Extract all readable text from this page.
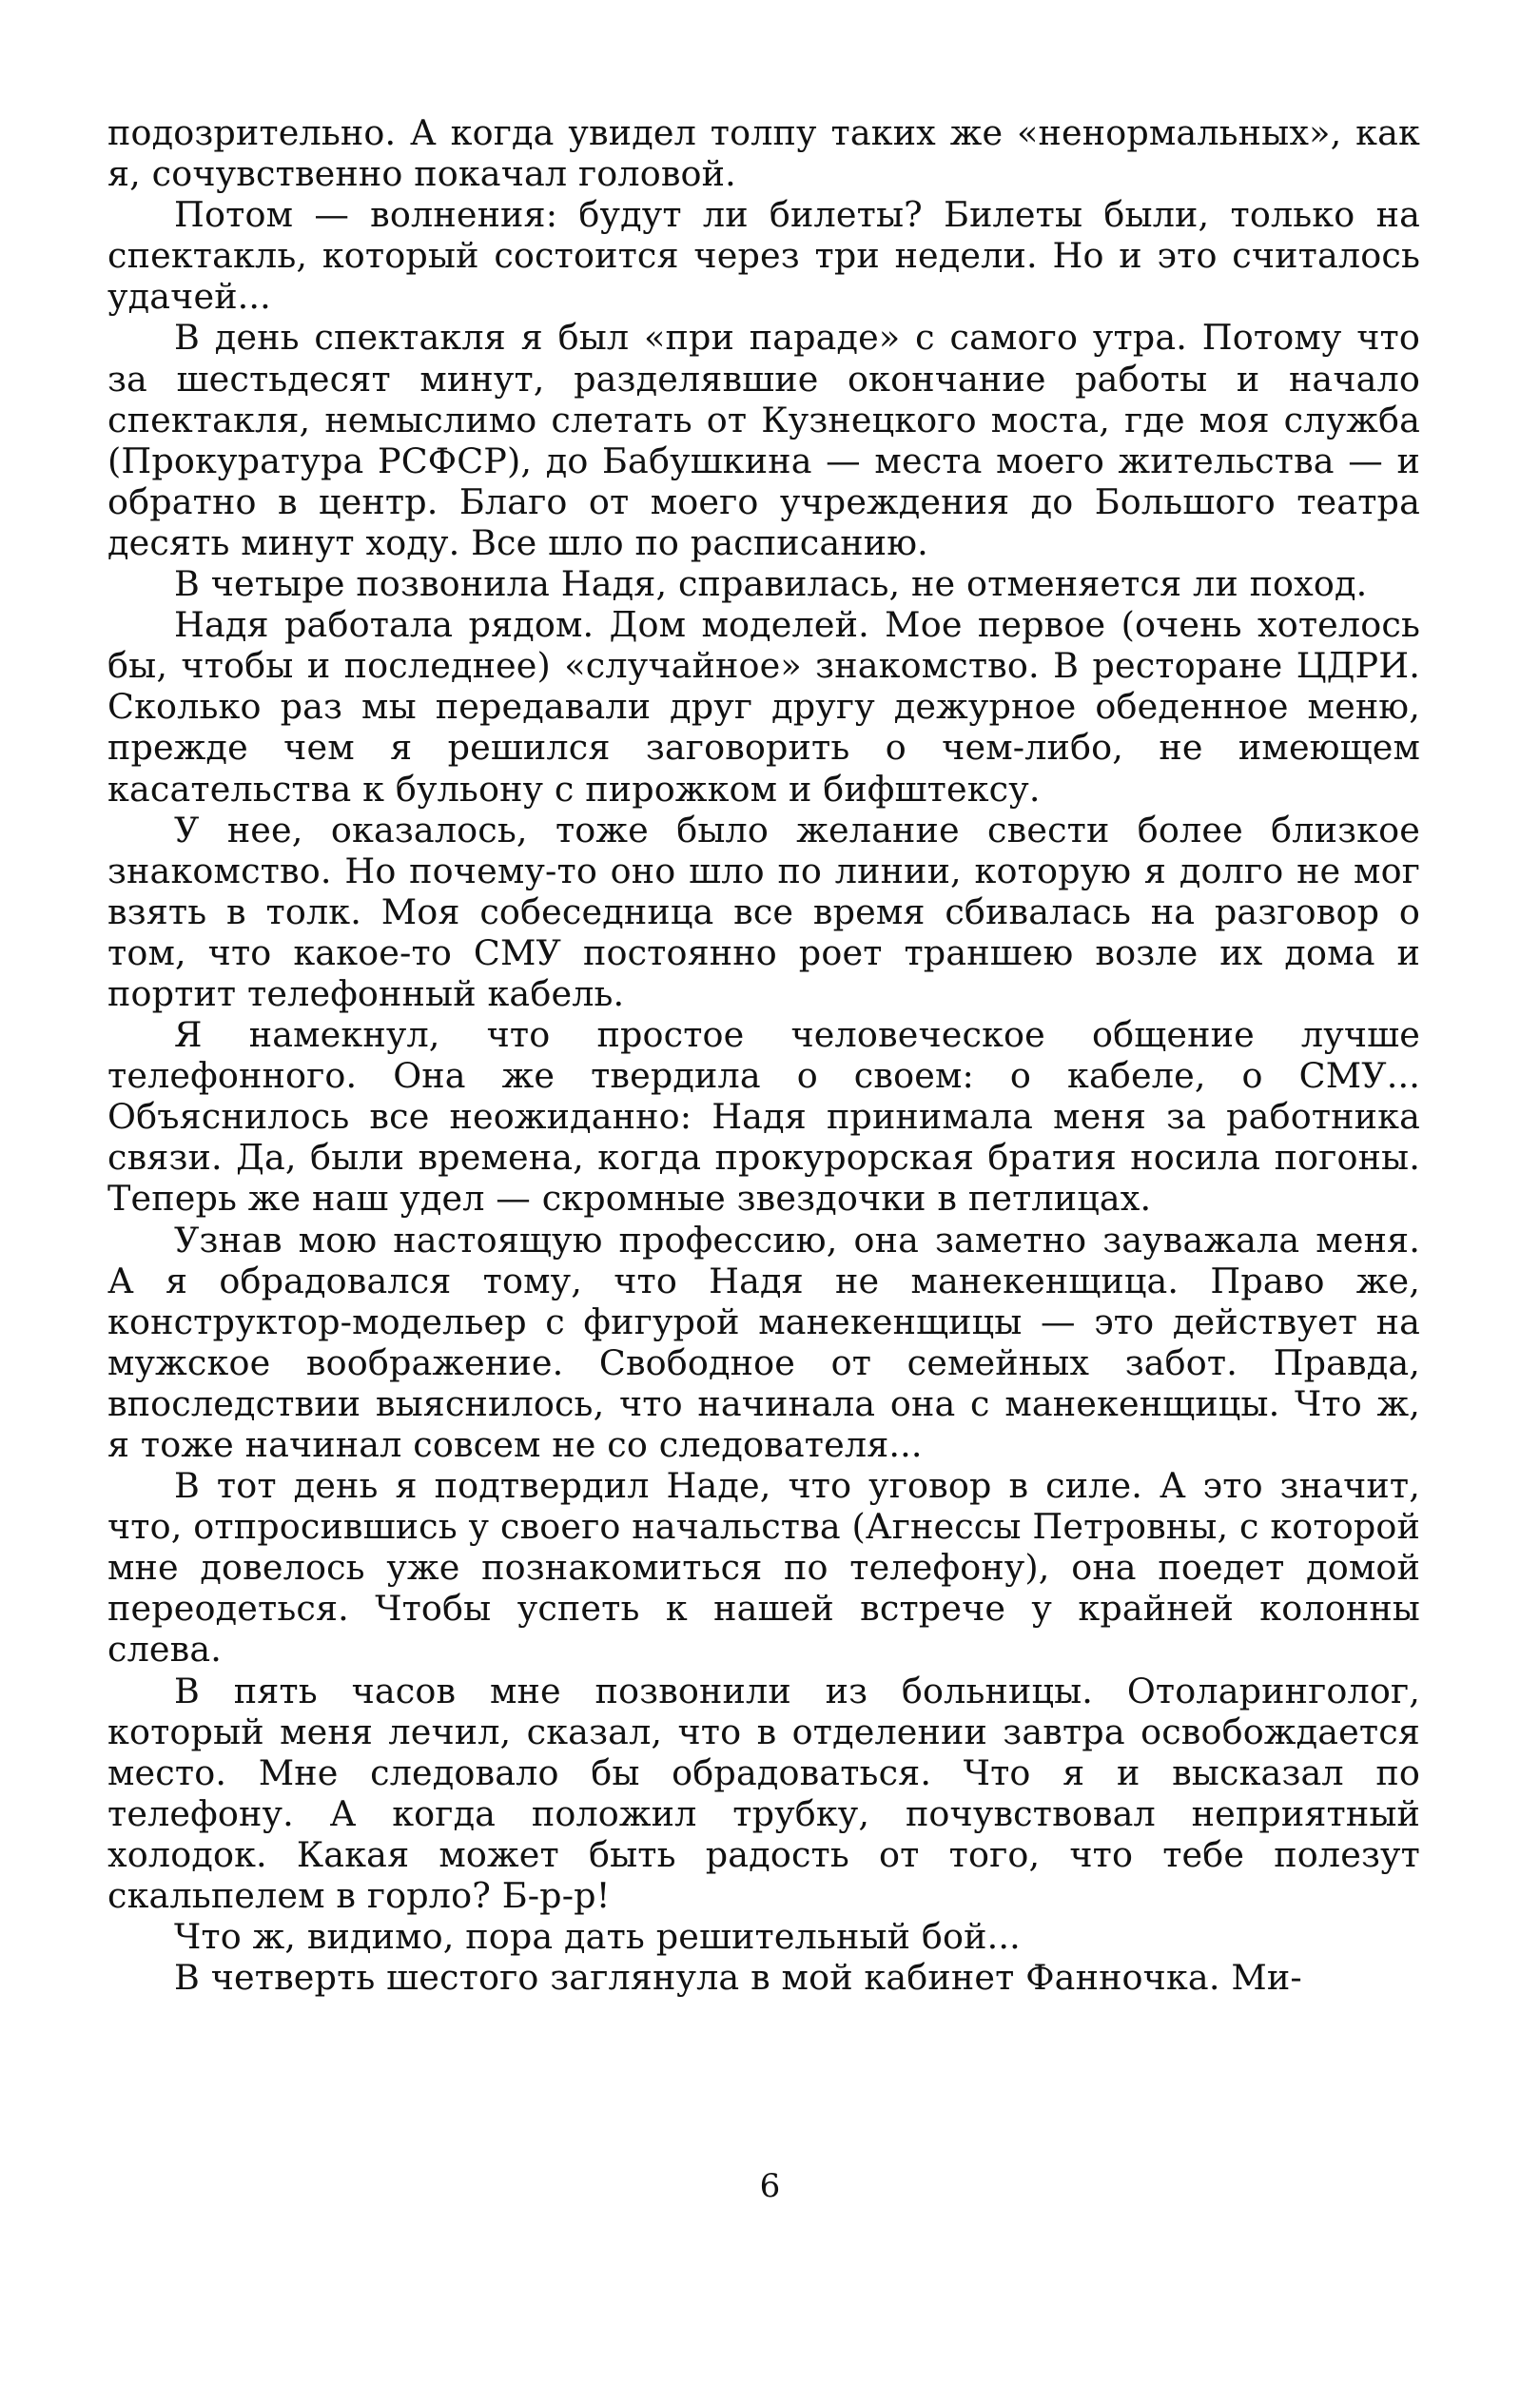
подозрительно. А когда увидел толпу таких же «ненормальных», как я, сочувственно покачал головой.

Потом — волнения: будут ли билеты? Билеты были, только на спектакль, который состоится через три недели. Но и это считалось удачей...

В день спектакля я был «при параде» с самого утра. Потому что за шестьдесят минут, разделявшие окончание работы и начало спектакля, немыслимо слетать от Кузнецкого моста, где моя служба (Прокуратура РСФСР), до Бабушкина — места моего жительства — и обратно в центр. Благо от моего учреждения до Большого театра десять минут ходу. Все шло по расписанию.

В четыре позвонила Надя, справилась, не отменяется ли поход.

Надя работала рядом. Дом моделей. Мое первое (очень хотелось бы, чтобы и последнее) «случайное» знакомство. В ресторане ЦДРИ. Сколько раз мы передавали друг другу дежурное обеденное меню, прежде чем я решился заговорить о чем-либо, не имеющем касательства к бульону с пирожком и бифштексу.

У нее, оказалось, тоже было желание свести более близкое знакомство. Но почему-то оно шло по линии, которую я долго не мог взять в толк. Моя собеседница все время сбивалась на разговор о том, что какое-то СМУ постоянно роет траншею возле их дома и портит телефонный кабель.

Я намекнул, что простое человеческое общение лучше телефонного. Она же твердила о своем: о кабеле, о СМУ... Объяснилось все неожиданно: Надя принимала меня за работника связи. Да, были времена, когда прокурорская братия носила погоны. Теперь же наш удел — скромные звездочки в петлицах.

Узнав мою настоящую профессию, она заметно зауважала меня. А я обрадовался тому, что Надя не манекенщица. Право же, конструктор-модельер с фигурой манекенщицы — это действует на мужское воображение. Свободное от семейных забот. Правда, впоследствии выяснилось, что начинала она с манекенщицы. Что ж, я тоже начинал совсем не со следователя...

В тот день я подтвердил Наде, что уговор в силе. А это значит, что, отпросившись у своего начальства (Агнессы Петровны, с которой мне довелось уже познакомиться по телефону), она поедет домой переодеться. Чтобы успеть к нашей встрече у крайней колонны слева.

В пять часов мне позвонили из больницы. Отоларинголог, который меня лечил, сказал, что в отделении завтра освобождается место. Мне следовало бы обрадоваться. Что я и высказал по телефону. А когда положил трубку, почувствовал неприятный холодок. Какая может быть радость от того, что тебе полезут скальпелем в горло? Б-р-р!

Что ж, видимо, пора дать решительный бой...

В четверть шестого заглянула в мой кабинет Фанночка. Ми-

6
